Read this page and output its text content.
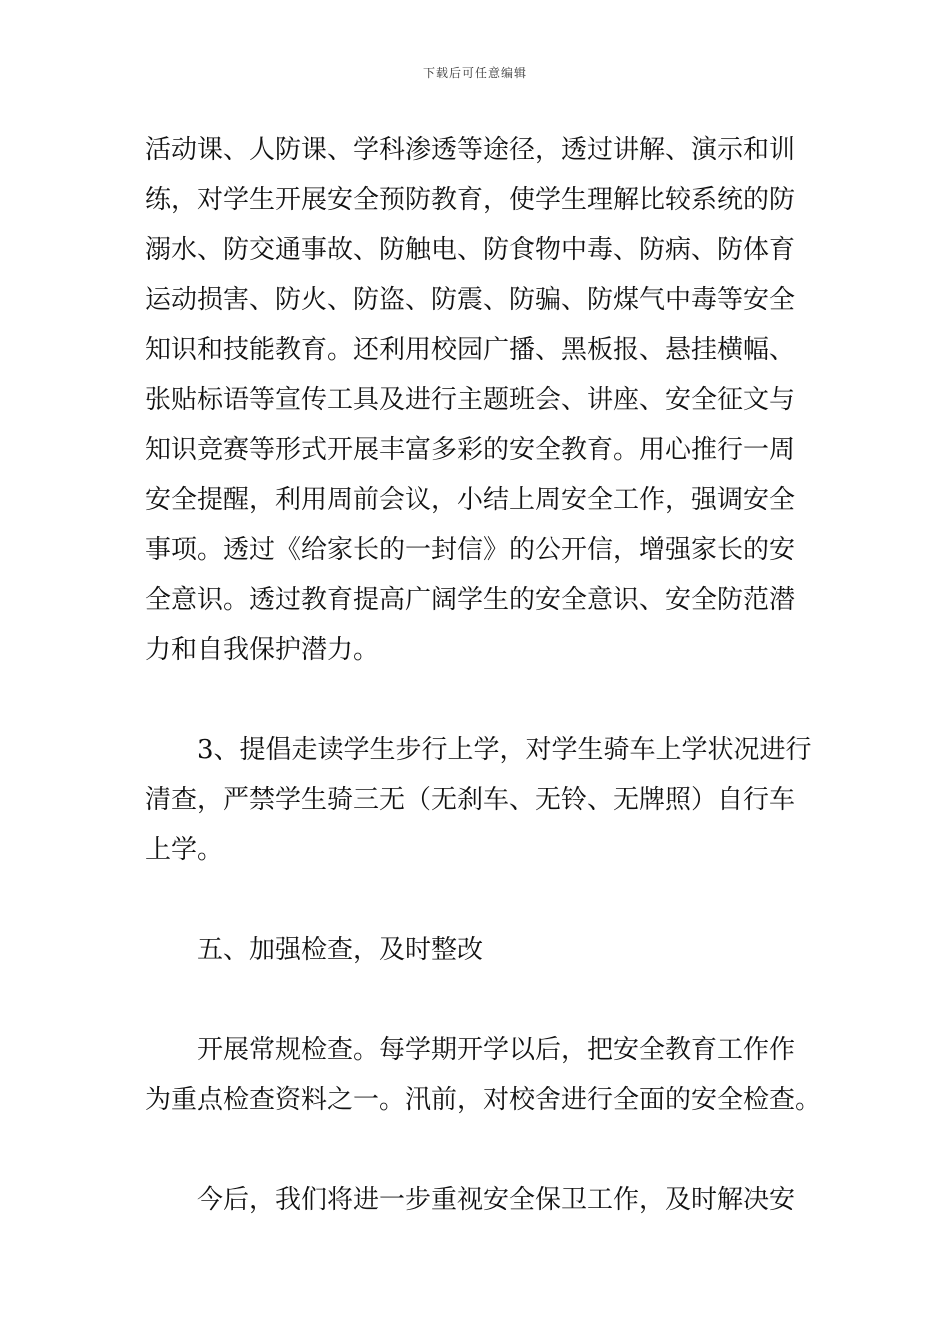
下载后可任意编辑
活动课、人防课、学科渗透等途径，透过讲解、演示和训
练，对学生开展安全预防教育，使学生理解比较系统的防
溺水、防交通事故、防触电、防食物中毒、防病、防体育
运动损害、防火、防盗、防震、防骗、防煤气中毒等安全
知识和技能教育。还利用校园广播、黑板报、悬挂横幅、
张贴标语等宣传工具及进行主题班会、讲座、安全征文与
知识竞赛等形式开展丰富多彩的安全教育。用心推行一周
安全提醒，利用周前会议，小结上周安全工作，强调安全
事项。透过《给家长的一封信》的公开信，增强家长的安
全意识。透过教育提高广阔学生的安全意识、安全防范潜
力和自我保护潜力。
3、提倡走读学生步行上学，对学生骑车上学状况进行
清查，严禁学生骑三无（无刹车、无铃、无牌照）自行车
上学。
五、加强检查，及时整改
开展常规检查。每学期开学以后，把安全教育工作作
为重点检查资料之一。汛前，对校舍进行全面的安全检查。
今后，我们将进一步重视安全保卫工作，及时解决安
